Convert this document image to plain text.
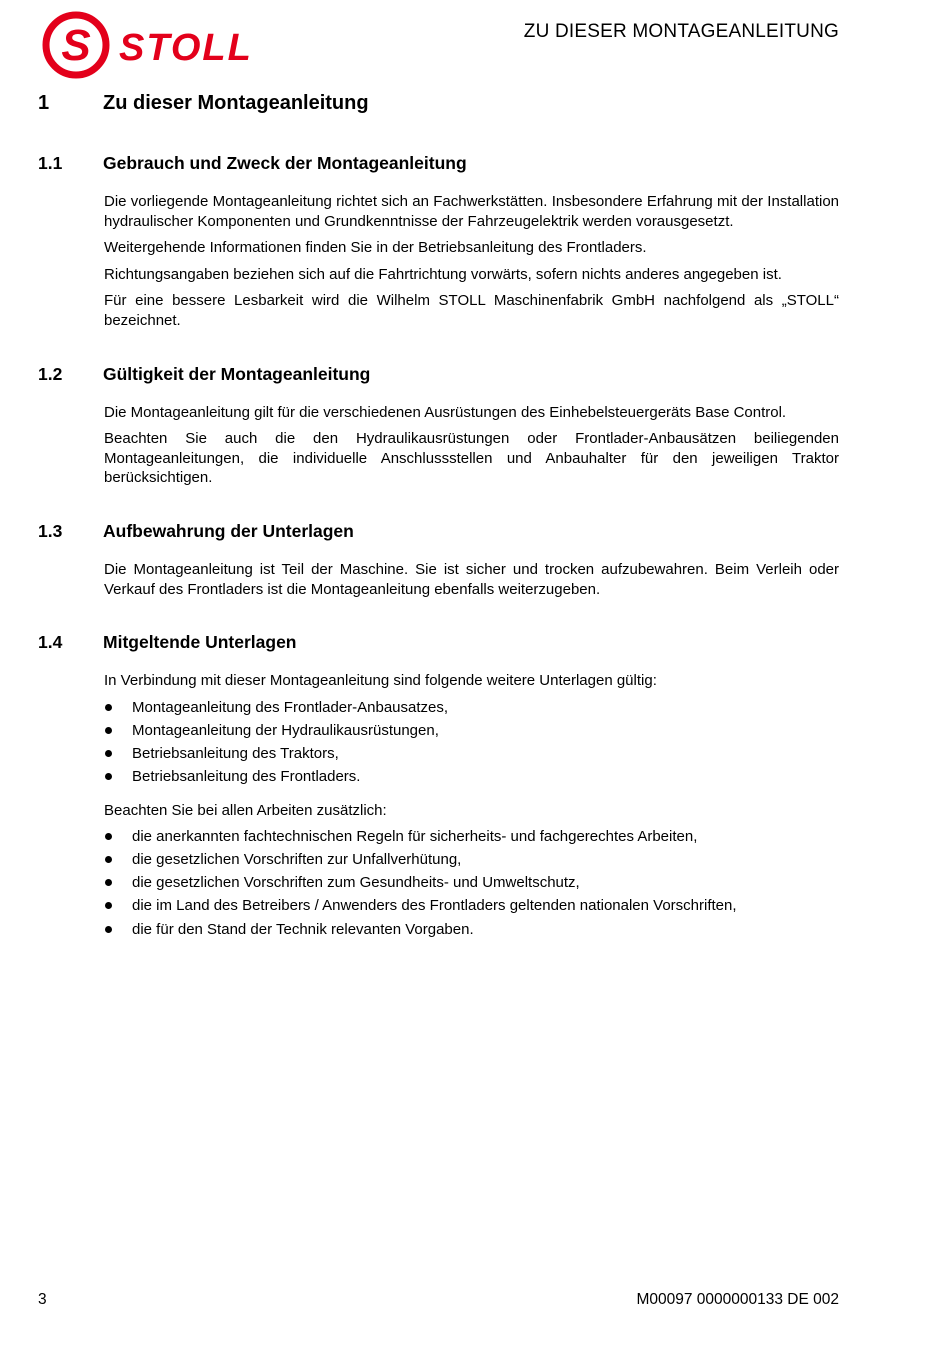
S STOLL	ZU DIESER MONTAGEANLEITUNG
1	Zu dieser Montageanleitung
1.1	Gebrauch und Zweck der Montageanleitung

Die vorliegende Montageanleitung richtet sich an Fachwerkstätten. Insbesondere Erfahrung mit der Installation hydraulischer Komponenten und Grundkenntnisse der Fahrzeugelektrik werden vorausgesetzt.

Weitergehende Informationen finden Sie in der Betriebsanleitung des Frontladers.

Richtungsangaben beziehen sich auf die Fahrtrichtung vorwärts, sofern nichts anderes angegeben ist.

Für eine bessere Lesbarkeit wird die Wilhelm STOLL Maschinenfabrik GmbH nachfolgend als „STOLL“ bezeichnet.

1.2	Gültigkeit der Montageanleitung

Die Montageanleitung gilt für die verschiedenen Ausrüstungen des Einhebelsteuergeräts Base Control.

Beachten Sie auch die den Hydraulikausrüstungen oder Frontlader-Anbausätzen beiliegenden Montageanleitungen, die individuelle Anschlussstellen und Anbauhalter für den jeweiligen Traktor berücksichtigen.

1.3	Aufbewahrung der Unterlagen

Die Montageanleitung ist Teil der Maschine. Sie ist sicher und trocken aufzubewahren. Beim Verleih oder Verkauf des Frontladers ist die Montageanleitung ebenfalls weiterzugeben.

1.4	Mitgeltende Unterlagen

In Verbindung mit dieser Montageanleitung sind folgende weitere Unterlagen gültig:

Montageanleitung des Frontlader-Anbausatzes,
Montageanleitung der Hydraulikausrüstungen,
Betriebsanleitung des Traktors,
Betriebsanleitung des Frontladers.

Beachten Sie bei allen Arbeiten zusätzlich:

die anerkannten fachtechnischen Regeln für sicherheits- und fachgerechtes Arbeiten,
die gesetzlichen Vorschriften zur Unfallverhütung,
die gesetzlichen Vorschriften zum Gesundheits- und Umweltschutz,
die im Land des Betreibers / Anwenders des Frontladers geltenden nationalen Vorschriften,
die für den Stand der Technik relevanten Vorgaben.
3	M00097 0000000133 DE 002
